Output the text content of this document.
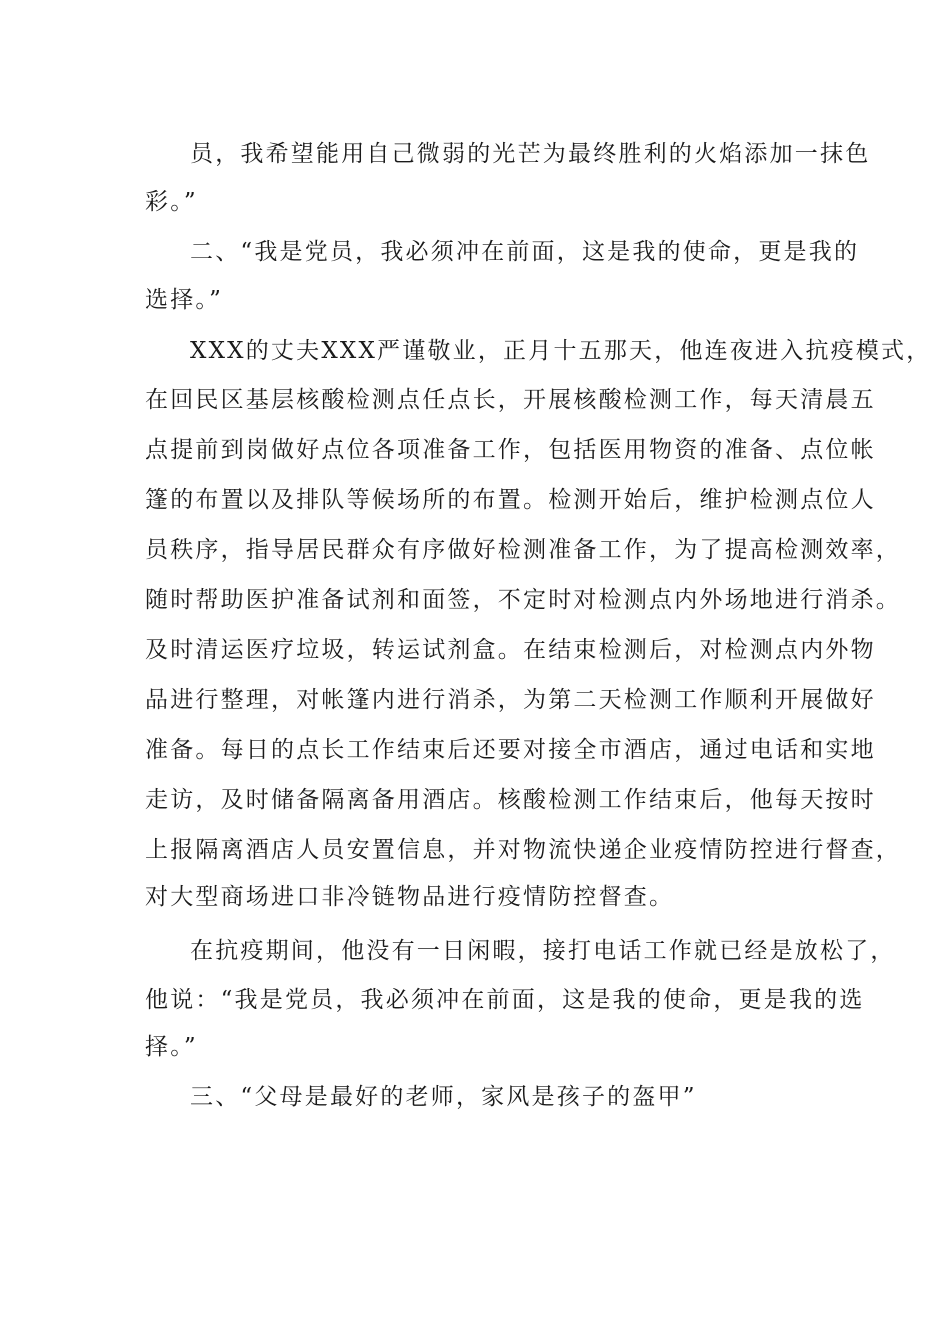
员，我希望能用自己微弱的光芒为最终胜利的火焰添加一抹色
彩。”
二、“我是党员，我必须冲在前面，这是我的使命，更是我的
选择。”
XXX的丈夫XXX严谨敬业，正月十五那天，他连夜进入抗疫模式，
在回民区基层核酸检测点任点长，开展核酸检测工作，每天清晨五
点提前到岗做好点位各项准备工作，包括医用物资的准备、点位帐
篷的布置以及排队等候场所的布置。检测开始后，维护检测点位人
员秩序，指导居民群众有序做好检测准备工作，为了提高检测效率，
随时帮助医护准备试剂和面签，不定时对检测点内外场地进行消杀。
及时清运医疗垃圾，转运试剂盒。在结束检测后，对检测点内外物
品进行整理，对帐篷内进行消杀，为第二天检测工作顺利开展做好
准备。每日的点长工作结束后还要对接全市酒店，通过电话和实地
走访，及时储备隔离备用酒店。核酸检测工作结束后，他每天按时
上报隔离酒店人员安置信息，并对物流快递企业疫情防控进行督查，
对大型商场进口非冷链物品进行疫情防控督查。
在抗疫期间，他没有一日闲暇，接打电话工作就已经是放松了，
他说：“我是党员，我必须冲在前面，这是我的使命，更是我的选
择。”
三、“父母是最好的老师，家风是孩子的盔甲”
